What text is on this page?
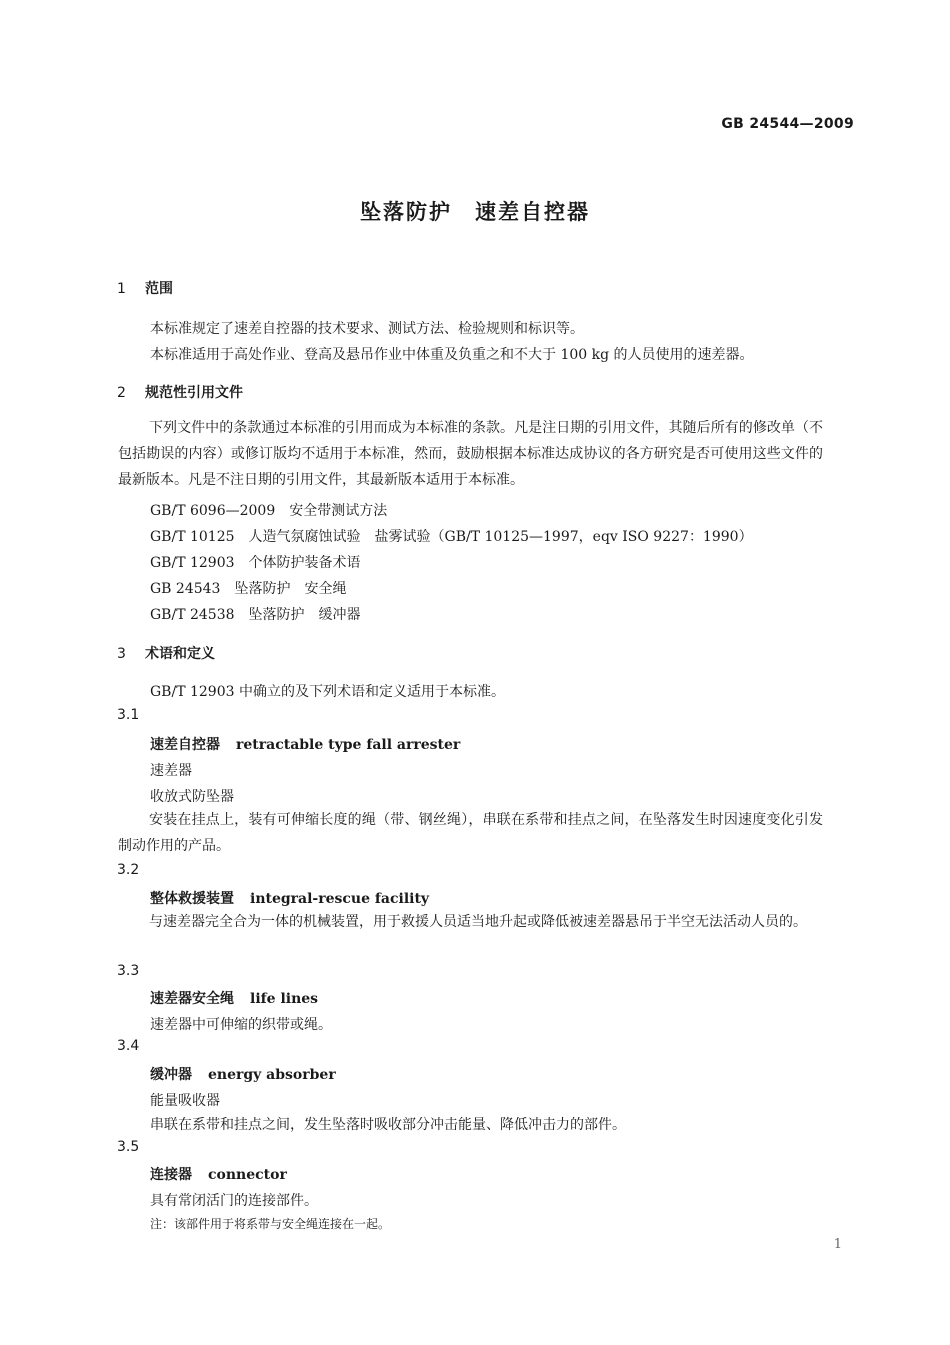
GB 24544—2009
坠落防护　速差自控器
1 范围
本标准规定了速差自控器的技术要求、测试方法、检验规则和标识等。
本标准适用于高处作业、登高及悬吊作业中体重及负重之和不大于 100 kg 的人员使用的速差器。
2 规范性引用文件
下列文件中的条款通过本标准的引用而成为本标准的条款。凡是注日期的引用文件，其随后所有的修改单（不包括勘误的内容）或修订版均不适用于本标准，然而，鼓励根据本标准达成协议的各方研究是否可使用这些文件的最新版本。凡是不注日期的引用文件，其最新版本适用于本标准。
GB/T 6096—2009　安全带测试方法
GB/T 10125　人造气氛腐蚀试验　盐雾试验（GB/T 10125—1997，eqv ISO 9227：1990）
GB/T 12903　个体防护装备术语
GB 24543　坠落防护　安全绳
GB/T 24538　坠落防护　缓冲器
3 术语和定义
GB/T 12903 中确立的及下列术语和定义适用于本标准。
3.1
速差自控器 retractable type fall arrester
速差器
收放式防坠器
安装在挂点上，装有可伸缩长度的绳（带、钢丝绳），串联在系带和挂点之间，在坠落发生时因速度变化引发制动作用的产品。
3.2
整体救援装置 integral-rescue facility
与速差器完全合为一体的机械装置，用于救援人员适当地升起或降低被速差器悬吊于半空无法活动人员的。
3.3
速差器安全绳 life lines
速差器中可伸缩的织带或绳。
3.4
缓冲器 energy absorber
能量吸收器
串联在系带和挂点之间，发生坠落时吸收部分冲击能量、降低冲击力的部件。
3.5
连接器 connector
具有常闭活门的连接部件。
注：该部件用于将系带与安全绳连接在一起。
1
